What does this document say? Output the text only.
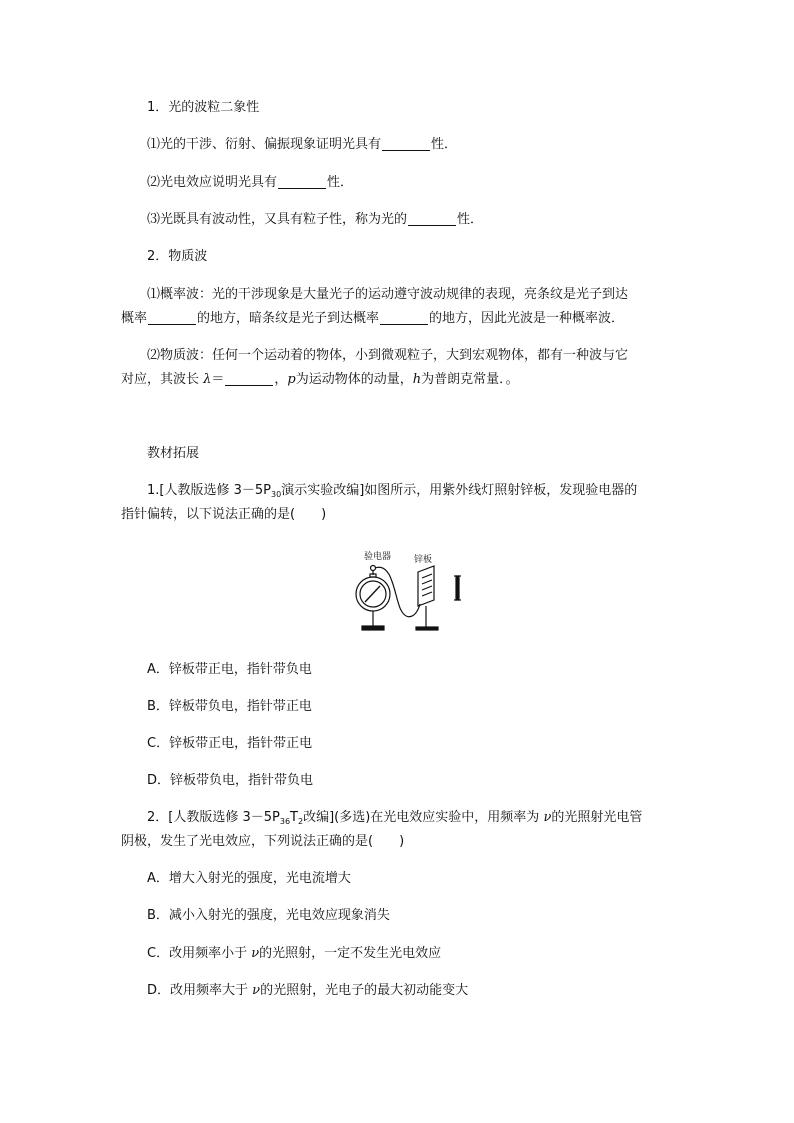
1．光的波粒二象性
⑴光的干涉、衍射、偏振现象证明光具有	性．
⑵光电效应说明光具有	性．
⑶光既具有波动性，又具有粒子性，称为光的	性．
2．物质波
⑴概率波：光的干涉现象是大量光子的运动遵守波动规律的表现，亮条纹是光子到达
概率	的地方，暗条纹是光子到达概率	的地方，因此光波是一种概率波．
⑵物质波：任何一个运动着的物体，小到微观粒子，大到宏观物体，都有一种波与它
对应，其波长 λ＝	，p为运动物体的动量，h为普朗克常量．。
教材拓展
1.[人教版选修 $3-5P_{30}$演示实验改编]如图所示，用紫外线灯照射锌板，发现验电器的
指针偏转，以下说法正确的是(　　)
验电器	锌板
A．锌板带正电，指针带负电
B．锌板带负电，指针带正电
C．锌板带正电，指针带正电
D．锌板带负电，指针带负电
2．[人教版选修 $3-5P_{36}T_2$改编](多选)在光电效应实验中，用频率为 ν的光照射光电管
阴极，发生了光电效应，下列说法正确的是(　　)
A．增大入射光的强度，光电流增大
B．减小入射光的强度，光电效应现象消失
C．改用频率小于 ν的光照射，一定不发生光电效应
D．改用频率大于 ν的光照射，光电子的最大初动能变大
